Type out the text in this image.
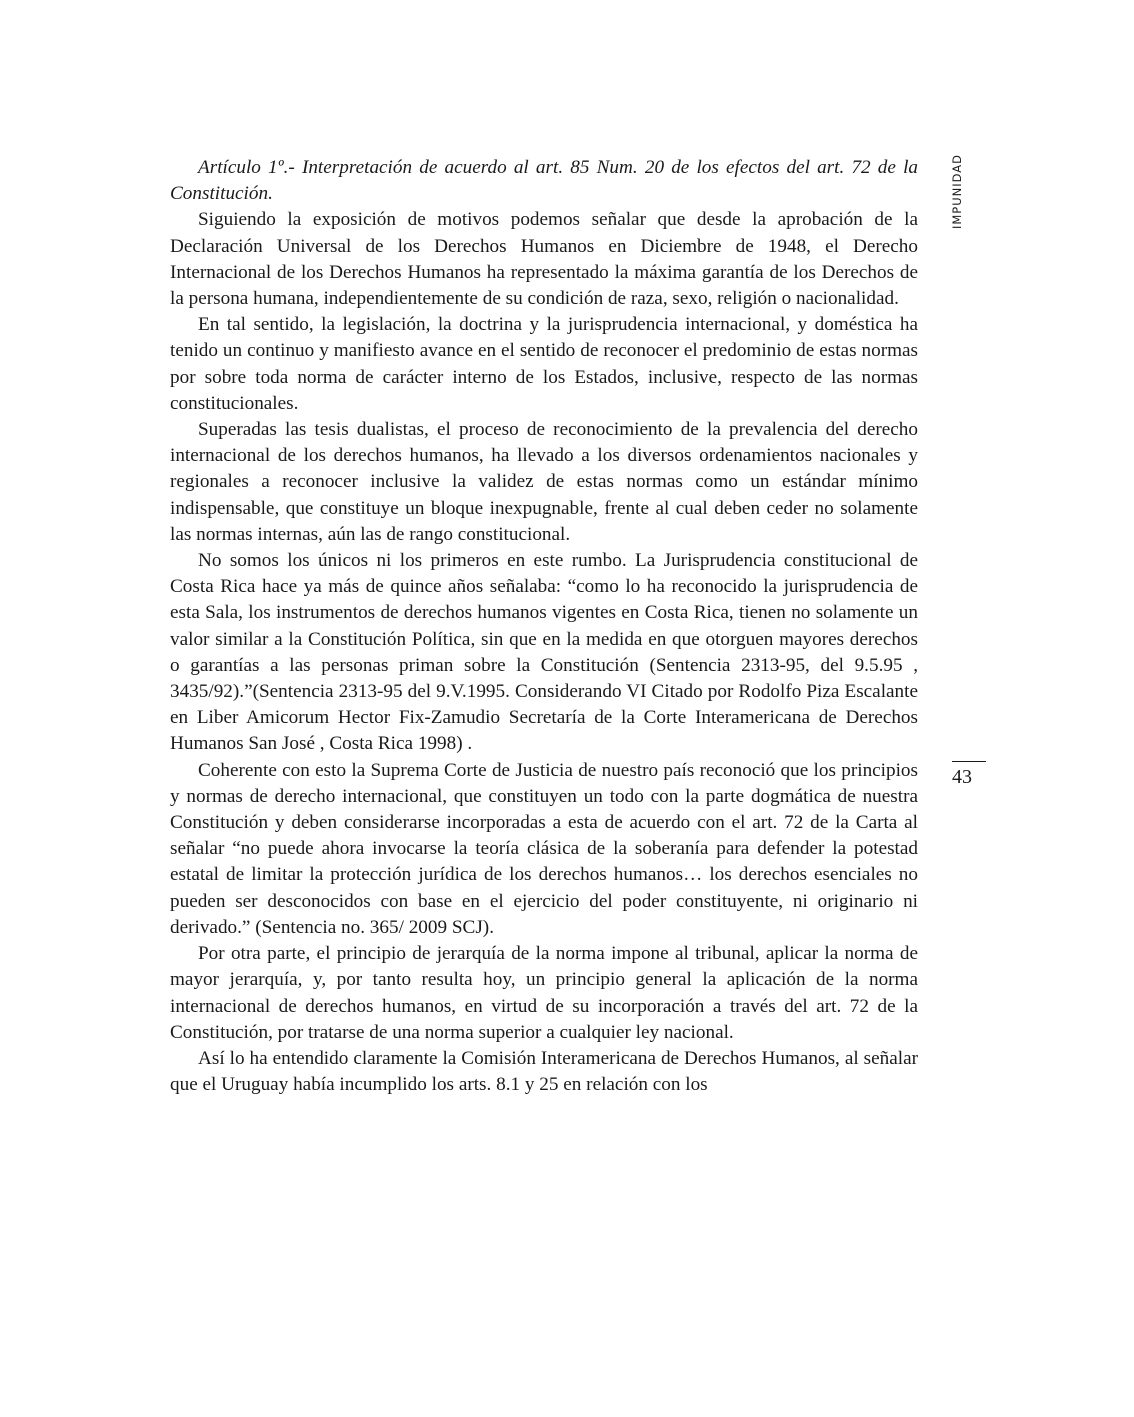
IMPUNIDAD
43

Artículo 1º.- Interpretación de acuerdo al art. 85 Num. 20 de los efectos del art. 72 de la Constitución.

Siguiendo la exposición de motivos podemos señalar que desde la aprobación de la Declaración Universal de los Derechos Humanos en Diciembre de 1948, el Derecho Internacional de los Derechos Humanos ha representado la máxima garantía de los Derechos de la persona humana, independientemente de su condición de raza, sexo, religión o nacionalidad.

En tal sentido, la legislación, la doctrina y la jurisprudencia internacional, y doméstica ha tenido un continuo y manifiesto avance en el sentido de reconocer el predominio de estas normas por sobre toda norma de carácter interno de los Estados, inclusive, respecto de las normas constitucionales.

Superadas las tesis dualistas, el proceso de reconocimiento de la prevalencia del derecho internacional de los derechos humanos, ha llevado a los diversos ordenamientos nacionales y regionales a reconocer inclusive la validez de estas normas como un estándar mínimo indispensable, que constituye un bloque inexpugnable, frente al cual deben ceder no solamente las normas internas, aún las de rango constitucional.

No somos los únicos ni los primeros en este rumbo. La Jurisprudencia constitucional de Costa Rica hace ya más de quince años señalaba: “como lo ha reconocido la jurisprudencia de esta Sala, los instrumentos de derechos humanos vigentes en Costa Rica, tienen no solamente un valor similar a la Constitución Política, sin que en la medida en que otorguen mayores derechos o garantías a las personas priman sobre la Constitución (Sentencia 2313-95, del 9.5.95 , 3435/92).”(Sentencia 2313-95 del 9.V.1995. Considerando VI Citado por Rodolfo Piza Escalante en Liber Amicorum Hector Fix-Zamudio Secretaría de la Corte Interamericana de Derechos Humanos San José , Costa Rica 1998) .

Coherente con esto la Suprema Corte de Justicia de nuestro país reconoció que los principios y normas de derecho internacional, que constituyen un todo con la parte dogmática de nuestra Constitución y deben considerarse incorporadas a esta de acuerdo con el art. 72 de la Carta al señalar “no puede ahora invocarse la teoría clásica de la soberanía para defender la potestad estatal de limitar la protección jurídica de los derechos humanos… los derechos esenciales no pueden ser desconocidos con base en el ejercicio del poder constituyente, ni originario ni derivado.” (Sentencia no. 365/ 2009 SCJ).

Por otra parte, el principio de jerarquía de la norma impone al tribunal, aplicar la norma de mayor jerarquía, y, por tanto resulta hoy, un principio general la aplicación de la norma internacional de derechos humanos, en virtud de su incorporación a través del art. 72 de la Constitución, por tratarse de una norma superior a cualquier ley nacional.

Así lo ha entendido claramente la Comisión Interamericana de Derechos Humanos, al señalar que el Uruguay había incumplido los arts. 8.1 y 25 en relación con los
